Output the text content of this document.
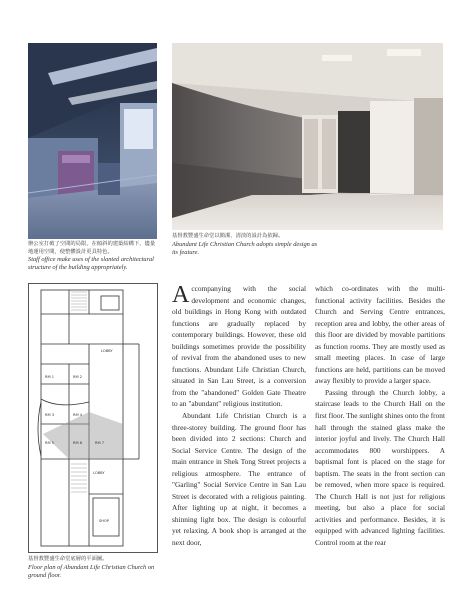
辦公室打破了空間的局限，在傾斜的建築結構下，儘量地運用空間，使整體設計更具特色。
Staff office make uses of the slanted architectural structure of the building appropriately.
基督教豐盛生命堂以簡潔、清淡的設計為依歸。
Abundant Life Christian Church adopts simple design as its feature.
LOBBY
LOBBY
SHOP
RM 1	RM 2
RM 3	RM 4
RM 5	RM 6	RM 7
基督教豐盛生命堂底層的平面圖。
Floor plan of Abundant Life Christian Church on ground floor.

Accompanying with the social development and economic changes, old buildings in Hong Kong with outdated functions are gradually replaced by contemporary buildings. However, these old buildings sometimes provide the possibility of revival from the abandoned uses to new functions. Abundant Life Christian Church, situated in San Lau Street, is a conversion from the "abandoned" Golden Gate Theatre to an "abundant" religious institution.

Abundant Life Christian Church is a three-storey building. The ground floor has been divided into 2 sections: Church and Social Service Centre. The design of the main entrance in Shek Tong Street projects a religious atmosphere. The entrance of "Garling" Social Service Centre in San Lau Street is decorated with a religious painting. After lighting up at night, it becomes a shinning light box. The design is colourful yet relaxing. A book shop is arranged at the next door,

which co-ordinates with the multi-functional activity facilities. Besides the Church and Serving Centre entrances, reception area and lobby, the other areas of this floor are divided by movable partitions as function rooms. They are mostly used as small meeting places. In case of large functions are held, partitions can be moved away flexibly to provide a larger space.

Passing through the Church lobby, a staircase leads to the Church Hall on the first floor. The sunlight shines onto the front hall through the stained glass make the interior joyful and lively. The Church Hall accommodates 800 worshippers. A baptismal font is placed on the stage for baptism. The seats in the front section can be removed, when more space is required. The Church Hall is not just for religious meeting, but also a place for social activities and performance. Besides, it is equipped with advanced lighting facilities. Control room at the rear
